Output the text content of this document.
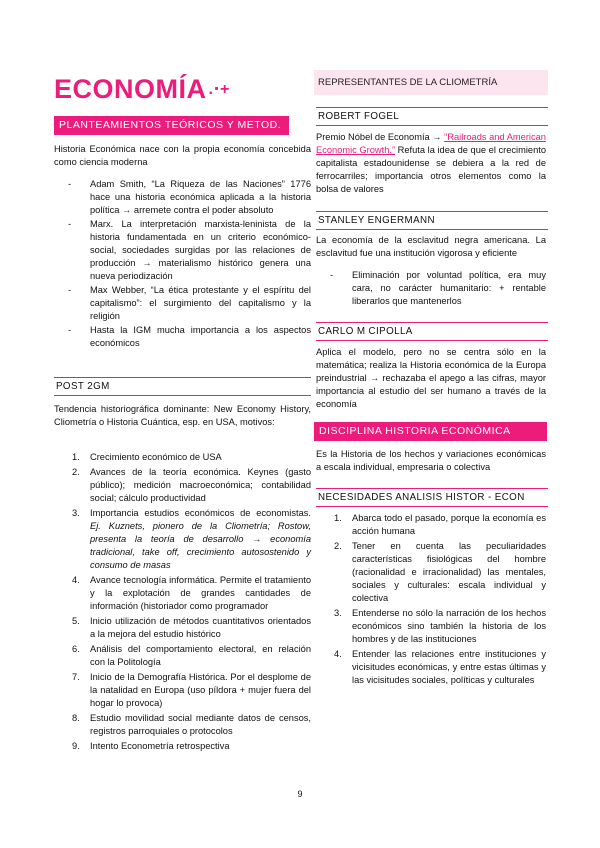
ECONOMÍA .⋅+
PLANTEAMIENTOS TEÓRICOS Y METOD.

Historia Económica nace con la propia economía concebida como ciencia moderna

- Adam Smith, “La Riqueza de las Naciones” 1776 hace una historia económica aplicada a la historia política → arremete contra el poder absoluto
- Marx. La interpretación marxista-leninista de la historia fundamentada en un criterio económico-social, sociedades surgidas por las relaciones de producción → materialismo histórico genera una nueva periodización
- Max Webber, “La ética protestante y el espíritu del capitalismo”: el surgimiento del capitalismo y la religión
- Hasta la IGM mucha importancia a los aspectos económicos
POST 2GM

Tendencia historiográfica dominante: New Economy History, Cliometría o Historia Cuántica, esp. en USA, motivos:

1. Crecimiento económico de USA
2. Avances de la teoría económica. Keynes (gasto público); medición macroeconómica; contabilidad social; cálculo productividad
3. Importancia estudios económicos de economistas. Ej. Kuznets, pionero de la Cliometría; Rostow, presenta la teoría de desarrollo → economía tradicional, take off, crecimiento autosostenido y consumo de masas
4. Avance tecnología informática. Permite el tratamiento y la explotación de grandes cantidades de información (historiador como programador
5. Inicio utilización de métodos cuantitativos orientados a la mejora del estudio histórico
6. Análisis del comportamiento electoral, en relación con la Politología
7. Inicio de la Demografía Histórica. Por el desplome de la natalidad en Europa (uso píldora + mujer fuera del hogar lo provoca)
8. Estudio movilidad social mediante datos de censos, registros parroquiales o protocolos
9. Intento Econometría retrospectiva
REPRESENTANTES DE LA CLIOMETRÍA
ROBERT FOGEL

Premio Nóbel de Economía → “Railroads and American Economic Growth.” Refuta la idea de que el crecimiento capitalista estadounidense se debiera a la red de ferrocarriles; importancia otros elementos como la bolsa de valores

STANLEY ENGERMANN

La economía de la esclavitud negra americana. La esclavitud fue una institución vigorosa y eficiente

- Eliminación por voluntad política, era muy cara, no carácter humanitario: + rentable liberarlos que mantenerlos
CARLO M CIPOLLA

Aplica el modelo, pero no se centra sólo en la matemática; realiza la Historia económica de la Europa preindustrial → rechazaba el apego a las cifras, mayor importancia al estudio del ser humano a través de la economía

DISCIPLINA HISTORIA ECONÓMICA

Es la Historia de los hechos y variaciones económicas a escala individual, empresaria o colectiva

NECESIDADES ANALISIS HISTOR - ECON
1. Abarca todo el pasado, porque la economía es acción humana
2. Tener en cuenta las peculiaridades características fisiológicas del hombre (racionalidad e irracionalidad) las mentales, sociales y culturales: escala individual y colectiva
3. Entenderse no sólo la narración de los hechos económicos sino también la historia de los hombres y de las instituciones
4. Entender las relaciones entre instituciones y vicisitudes económicas, y entre estas últimas y las vicisitudes sociales, políticas y culturales
9
